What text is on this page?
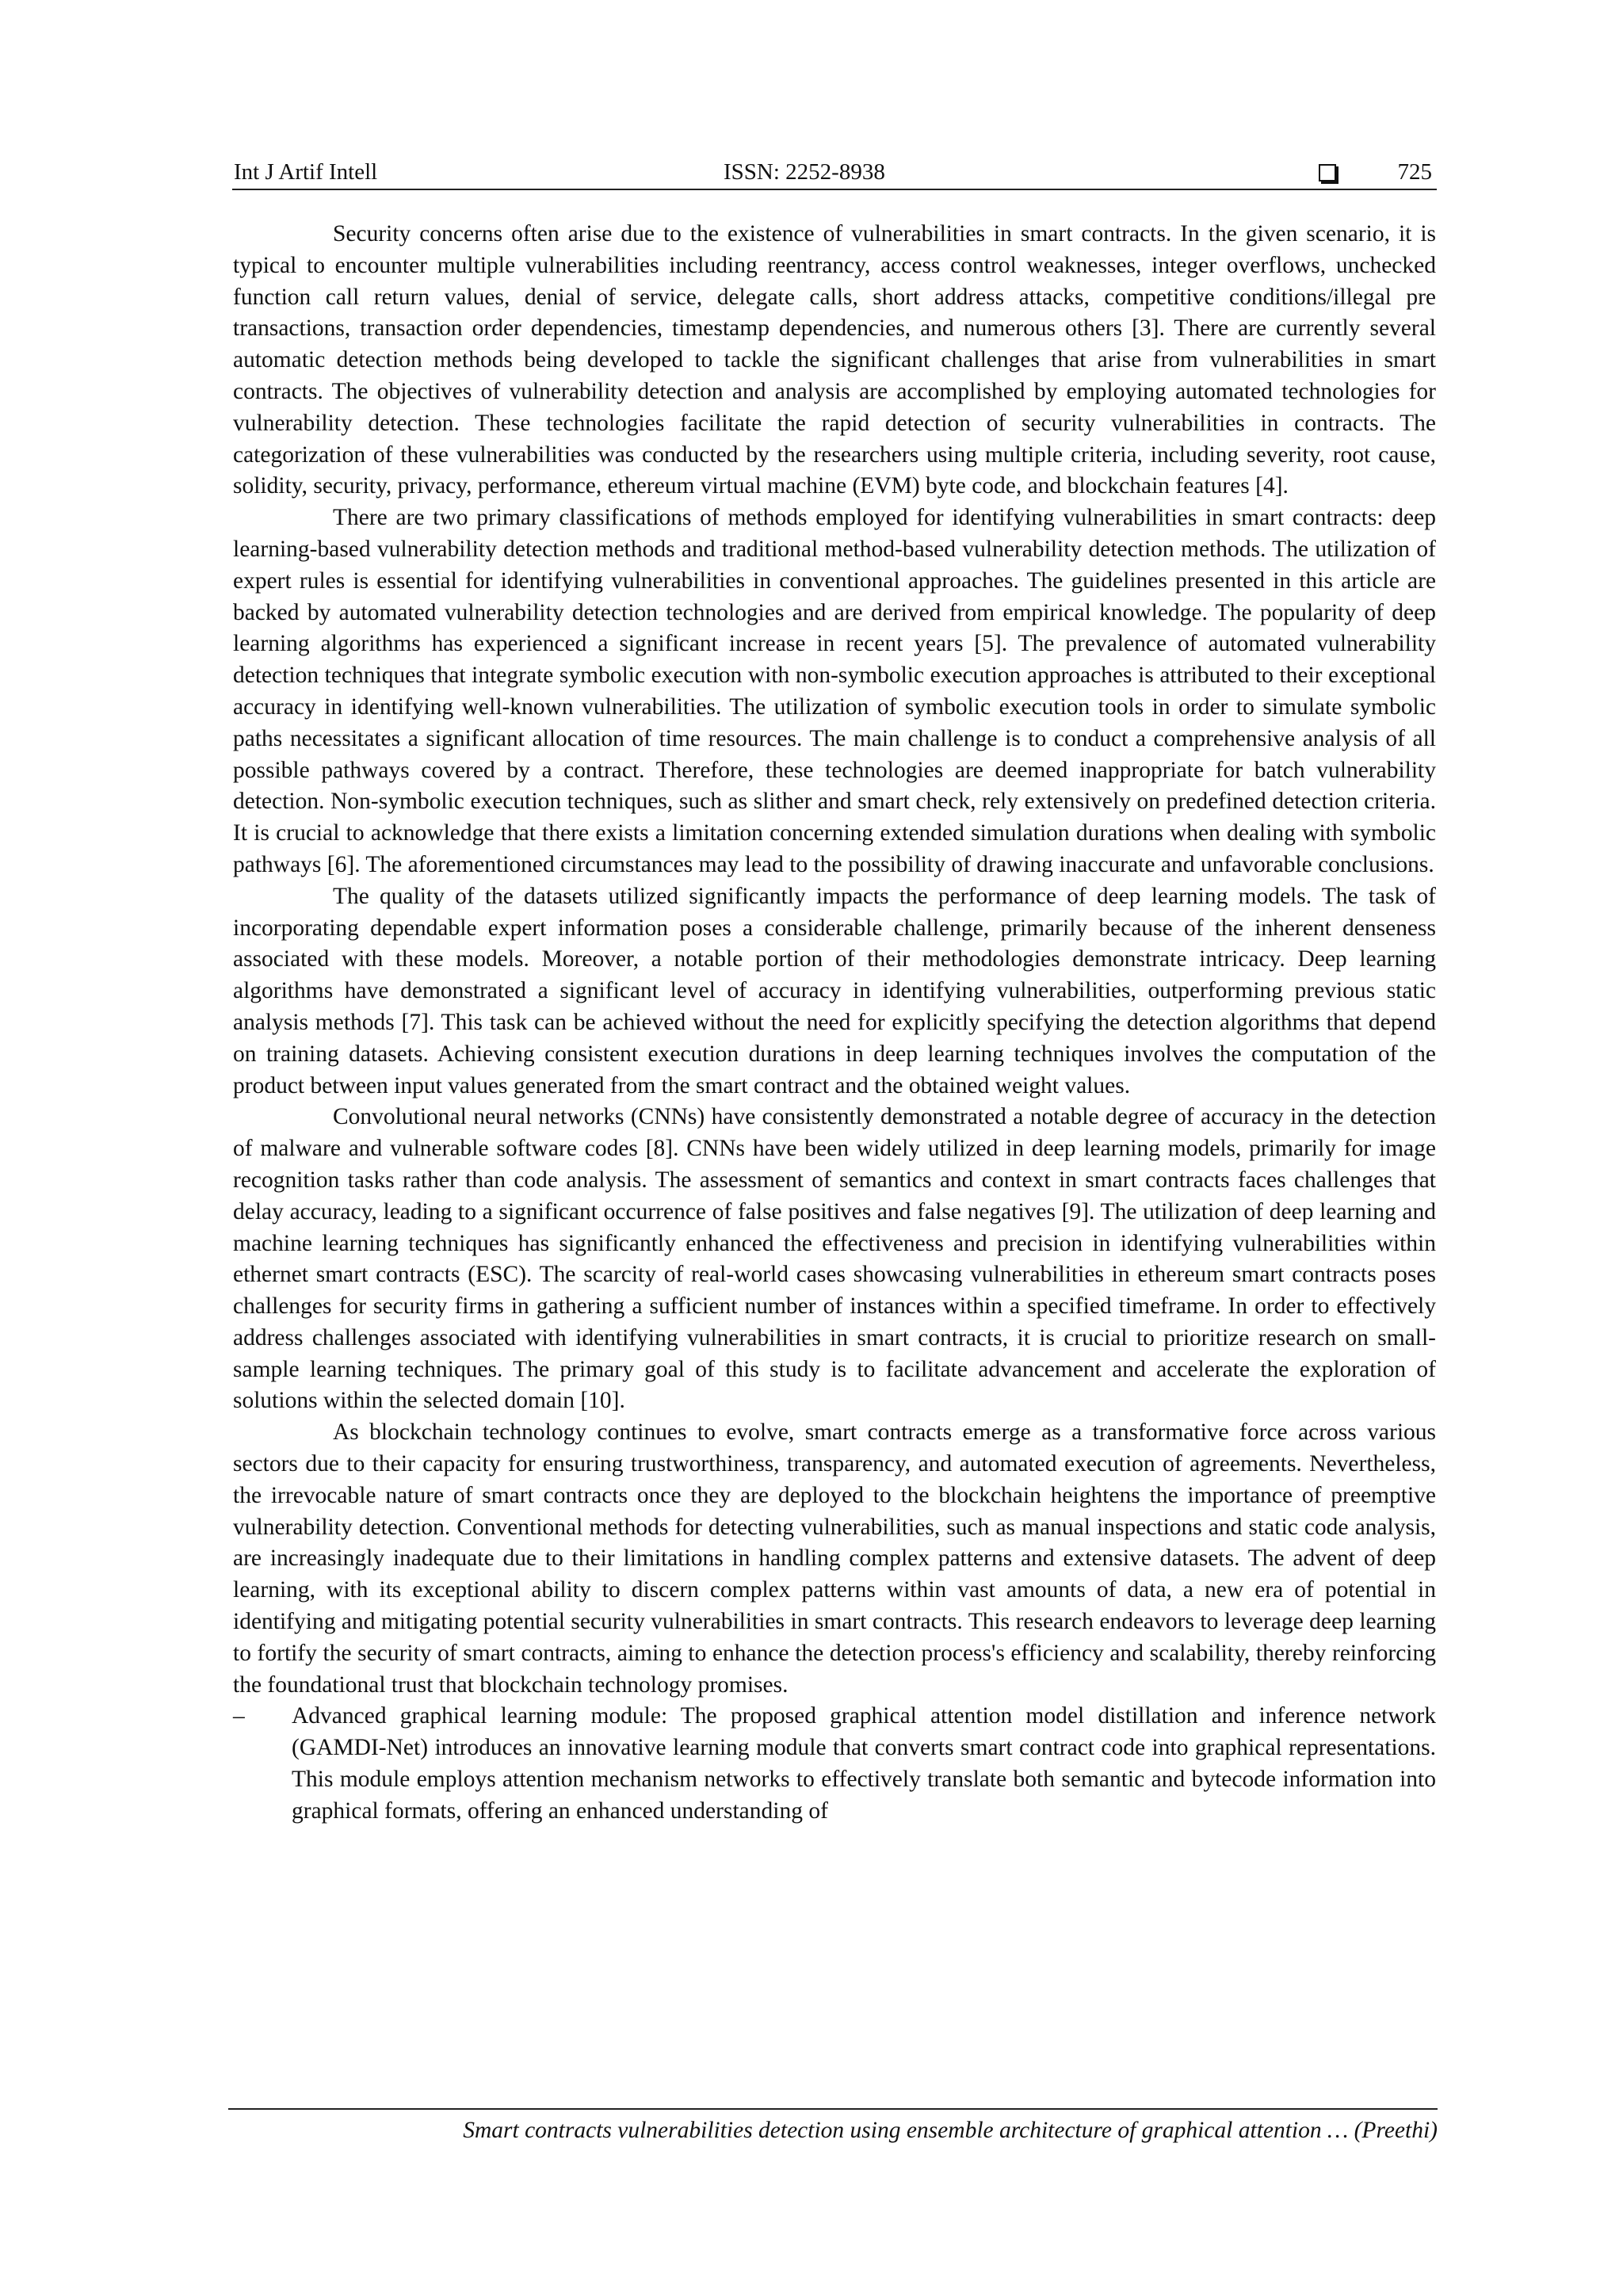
Int J Artif Intell	ISSN: 2252-8938	725

Security concerns often arise due to the existence of vulnerabilities in smart contracts. In the given scenario, it is typical to encounter multiple vulnerabilities including reentrancy, access control weaknesses, integer overflows, unchecked function call return values, denial of service, delegate calls, short address attacks, competitive conditions/illegal pre transactions, transaction order dependencies, timestamp dependencies, and numerous others [3]. There are currently several automatic detection methods being developed to tackle the significant challenges that arise from vulnerabilities in smart contracts. The objectives of vulnerability detection and analysis are accomplished by employing automated technologies for vulnerability detection. These technologies facilitate the rapid detection of security vulnerabilities in contracts. The categorization of these vulnerabilities was conducted by the researchers using multiple criteria, including severity, root cause, solidity, security, privacy, performance, ethereum virtual machine (EVM) byte code, and blockchain features [4].

There are two primary classifications of methods employed for identifying vulnerabilities in smart contracts: deep learning-based vulnerability detection methods and traditional method-based vulnerability detection methods. The utilization of expert rules is essential for identifying vulnerabilities in conventional approaches. The guidelines presented in this article are backed by automated vulnerability detection technologies and are derived from empirical knowledge. The popularity of deep learning algorithms has experienced a significant increase in recent years [5]. The prevalence of automated vulnerability detection techniques that integrate symbolic execution with non-symbolic execution approaches is attributed to their exceptional accuracy in identifying well-known vulnerabilities. The utilization of symbolic execution tools in order to simulate symbolic paths necessitates a significant allocation of time resources. The main challenge is to conduct a comprehensive analysis of all possible pathways covered by a contract. Therefore, these technologies are deemed inappropriate for batch vulnerability detection. Non-symbolic execution techniques, such as slither and smart check, rely extensively on predefined detection criteria. It is crucial to acknowledge that there exists a limitation concerning extended simulation durations when dealing with symbolic pathways [6]. The aforementioned circumstances may lead to the possibility of drawing inaccurate and unfavorable conclusions.

The quality of the datasets utilized significantly impacts the performance of deep learning models. The task of incorporating dependable expert information poses a considerable challenge, primarily because of the inherent denseness associated with these models. Moreover, a notable portion of their methodologies demonstrate intricacy. Deep learning algorithms have demonstrated a significant level of accuracy in identifying vulnerabilities, outperforming previous static analysis methods [7]. This task can be achieved without the need for explicitly specifying the detection algorithms that depend on training datasets. Achieving consistent execution durations in deep learning techniques involves the computation of the product between input values generated from the smart contract and the obtained weight values.

Convolutional neural networks (CNNs) have consistently demonstrated a notable degree of accuracy in the detection of malware and vulnerable software codes [8]. CNNs have been widely utilized in deep learning models, primarily for image recognition tasks rather than code analysis. The assessment of semantics and context in smart contracts faces challenges that delay accuracy, leading to a significant occurrence of false positives and false negatives [9]. The utilization of deep learning and machine learning techniques has significantly enhanced the effectiveness and precision in identifying vulnerabilities within ethernet smart contracts (ESC). The scarcity of real-world cases showcasing vulnerabilities in ethereum smart contracts poses challenges for security firms in gathering a sufficient number of instances within a specified timeframe. In order to effectively address challenges associated with identifying vulnerabilities in smart contracts, it is crucial to prioritize research on small-sample learning techniques. The primary goal of this study is to facilitate advancement and accelerate the exploration of solutions within the selected domain [10].

As blockchain technology continues to evolve, smart contracts emerge as a transformative force across various sectors due to their capacity for ensuring trustworthiness, transparency, and automated execution of agreements. Nevertheless, the irrevocable nature of smart contracts once they are deployed to the blockchain heightens the importance of preemptive vulnerability detection. Conventional methods for detecting vulnerabilities, such as manual inspections and static code analysis, are increasingly inadequate due to their limitations in handling complex patterns and extensive datasets. The advent of deep learning, with its exceptional ability to discern complex patterns within vast amounts of data, a new era of potential in identifying and mitigating potential security vulnerabilities in smart contracts. This research endeavors to leverage deep learning to fortify the security of smart contracts, aiming to enhance the detection process's efficiency and scalability, thereby reinforcing the foundational trust that blockchain technology promises.

– Advanced graphical learning module: The proposed graphical attention model distillation and inference network (GAMDI-Net) introduces an innovative learning module that converts smart contract code into graphical representations. This module employs attention mechanism networks to effectively translate both semantic and bytecode information into graphical formats, offering an enhanced understanding of
Smart contracts vulnerabilities detection using ensemble architecture of graphical attention … (Preethi)
